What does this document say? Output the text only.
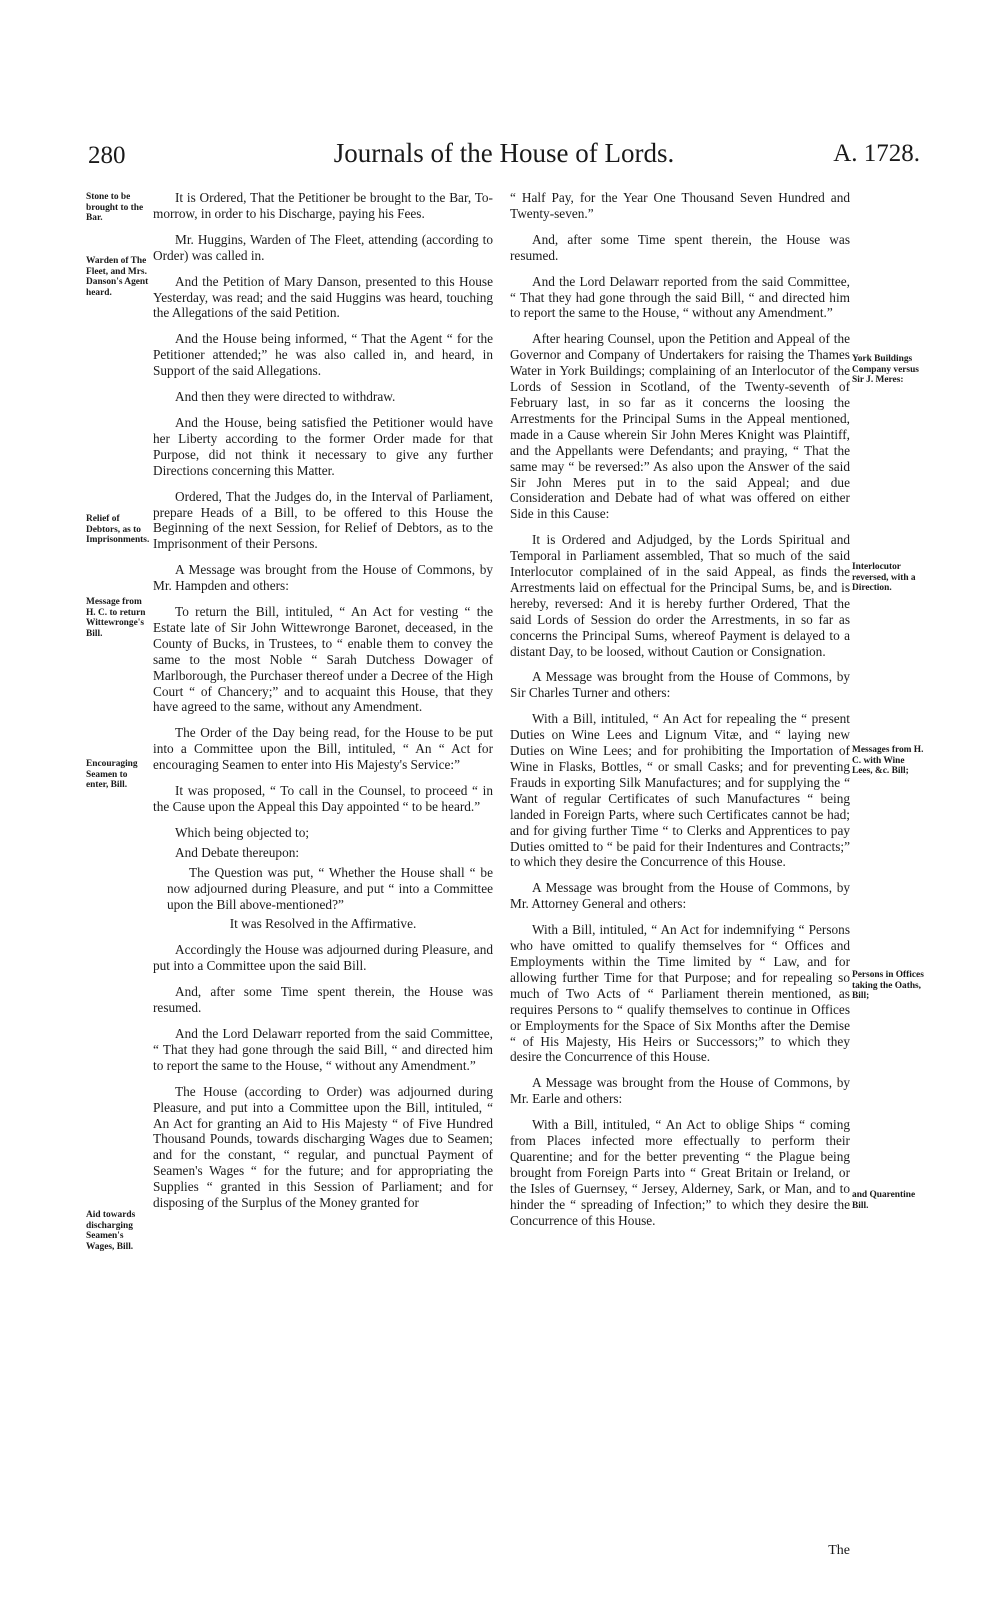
280	Journals of the House of Lords.	A. 1728.
Stone to be brought to the Bar.
Warden of The Fleet, and Mrs. Danson's Agent heard.
Relief of Debtors, as to Imprisonments.
Message from H. C. to return Wittewronge's Bill.
Encouraging Seamen to enter, Bill.
Aid towards discharging Seamen's Wages, Bill.
York Buildings Company versus Sir J. Meres:
Interlocutor reversed, with a Direction.
Messages from H. C. with Wine Lees, &c. Bill;
Persons in Offices taking the Oaths, Bill;
and Quarentine Bill.

It is Ordered, That the Petitioner be brought to the Bar, To-morrow, in order to his Discharge, paying his Fees.

Mr. Huggins, Warden of The Fleet, attending (according to Order) was called in.

And the Petition of Mary Danson, presented to this House Yesterday, was read; and the said Huggins was heard, touching the Allegations of the said Petition.

And the House being informed, “ That the Agent “ for the Petitioner attended;” he was also called in, and heard, in Support of the said Allegations.

And then they were directed to withdraw.

And the House, being satisfied the Petitioner would have her Liberty according to the former Order made for that Purpose, did not think it necessary to give any further Directions concerning this Matter.

Ordered, That the Judges do, in the Interval of Parliament, prepare Heads of a Bill, to be offered to this House the Beginning of the next Session, for Relief of Debtors, as to the Imprisonment of their Persons.

A Message was brought from the House of Commons, by Mr. Hampden and others:

To return the Bill, intituled, “ An Act for vesting “ the Estate late of Sir John Wittewronge Baronet, deceased, in the County of Bucks, in Trustees, to “ enable them to convey the same to the most Noble “ Sarah Dutchess Dowager of Marlborough, the Purchaser thereof under a Decree of the High Court “ of Chancery;” and to acquaint this House, that they have agreed to the same, without any Amendment.

The Order of the Day being read, for the House to be put into a Committee upon the Bill, intituled, “ An “ Act for encouraging Seamen to enter into His Majesty's Service:”

It was proposed, “ To call in the Counsel, to proceed “ in the Cause upon the Appeal this Day appointed “ to be heard.”

Which being objected to;

And Debate thereupon:

The Question was put, “ Whether the House shall “ be now adjourned during Pleasure, and put “ into a Committee upon the Bill above-mentioned?”

It was Resolved in the Affirmative.

Accordingly the House was adjourned during Pleasure, and put into a Committee upon the said Bill.

And, after some Time spent therein, the House was resumed.

And the Lord Delawarr reported from the said Committee, “ That they had gone through the said Bill, “ and directed him to report the same to the House, “ without any Amendment.”

The House (according to Order) was adjourned during Pleasure, and put into a Committee upon the Bill, intituled, “ An Act for granting an Aid to His Majesty “ of Five Hundred Thousand Pounds, towards discharging Wages due to Seamen; and for the constant, “ regular, and punctual Payment of Seamen's Wages “ for the future; and for appropriating the Supplies “ granted in this Session of Parliament; and for disposing of the Surplus of the Money granted for

“ Half Pay, for the Year One Thousand Seven Hundred and Twenty-seven.”

And, after some Time spent therein, the House was resumed.

And the Lord Delawarr reported from the said Committee, “ That they had gone through the said Bill, “ and directed him to report the same to the House, “ without any Amendment.”

After hearing Counsel, upon the Petition and Appeal of the Governor and Company of Undertakers for raising the Thames Water in York Buildings; complaining of an Interlocutor of the Lords of Session in Scotland, of the Twenty-seventh of February last, in so far as it concerns the loosing the Arrestments for the Principal Sums in the Appeal mentioned, made in a Cause wherein Sir John Meres Knight was Plaintiff, and the Appellants were Defendants; and praying, “ That the same may “ be reversed:” As also upon the Answer of the said Sir John Meres put in to the said Appeal; and due Consideration and Debate had of what was offered on either Side in this Cause:

It is Ordered and Adjudged, by the Lords Spiritual and Temporal in Parliament assembled, That so much of the said Interlocutor complained of in the said Appeal, as finds the Arrestments laid on effectual for the Principal Sums, be, and is hereby, reversed: And it is hereby further Ordered, That the said Lords of Session do order the Arrestments, in so far as concerns the Principal Sums, whereof Payment is delayed to a distant Day, to be loosed, without Caution or Consignation.

A Message was brought from the House of Commons, by Sir Charles Turner and others:

With a Bill, intituled, “ An Act for repealing the “ present Duties on Wine Lees and Lignum Vitæ, and “ laying new Duties on Wine Lees; and for prohibiting the Importation of Wine in Flasks, Bottles, “ or small Casks; and for preventing Frauds in exporting Silk Manufactures; and for supplying the “ Want of regular Certificates of such Manufactures “ being landed in Foreign Parts, where such Certificates cannot be had; and for giving further Time “ to Clerks and Apprentices to pay Duties omitted to “ be paid for their Indentures and Contracts;” to which they desire the Concurrence of this House.

A Message was brought from the House of Commons, by Mr. Attorney General and others:

With a Bill, intituled, “ An Act for indemnifying “ Persons who have omitted to qualify themselves for “ Offices and Employments within the Time limited by “ Law, and for allowing further Time for that Purpose; and for repealing so much of Two Acts of “ Parliament therein mentioned, as requires Persons to “ qualify themselves to continue in Offices or Employments for the Space of Six Months after the Demise “ of His Majesty, His Heirs or Successors;” to which they desire the Concurrence of this House.

A Message was brought from the House of Commons, by Mr. Earle and others:

With a Bill, intituled, “ An Act to oblige Ships “ coming from Places infected more effectually to perform their Quarentine; and for the better preventing “ the Plague being brought from Foreign Parts into “ Great Britain or Ireland, or the Isles of Guernsey, “ Jersey, Alderney, Sark, or Man, and to hinder the “ spreading of Infection;” to which they desire the Concurrence of this House.

The
